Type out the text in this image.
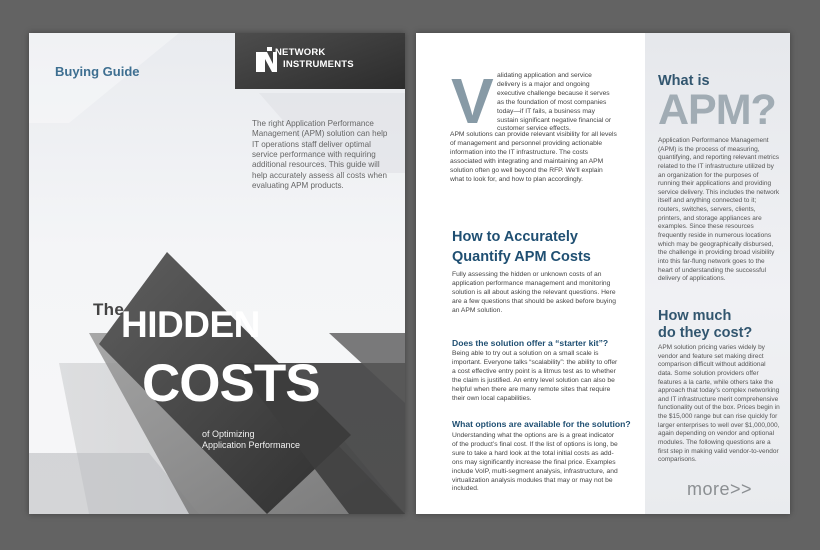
Buying Guide
NETWORK
INSTRUMENTS

The right Application Performance Management (APM) solution can help IT operations staff deliver optimal service performance with requiring additional resources. This guide will help accurately assess all costs when evaluating APM products.

The
HIDDEN
COSTS
of Optimizing
Application Performance
V alidating application and service delivery is a major and ongoing executive challenge because it serves as the foundation of most companies today—if IT fails, a business may sustain significant negative financial or customer service effects.

APM solutions can provide relevant visibility for all levels of management and personnel providing actionable information into the IT infrastructure. The costs associated with integrating and maintaining an APM solution often go well beyond the RFP. We'll explain what to look for, and how to plan accordingly.

How to Accurately
Quantify APM Costs

Fully assessing the hidden or unknown costs of an application performance management and monitoring solution is all about asking the relevant questions. Here are a few questions that should be asked before buying an APM solution.

Does the solution offer a “starter kit”?

Being able to try out a solution on a small scale is important. Everyone talks “scalability”: the ability to offer a cost effective entry point is a litmus test as to whether the claim is justified. An entry level solution can also be helpful when there are many remote sites that require their own local capabilities.

What options are available for the solution?

Understanding what the options are is a great indicator of the product’s final cost. If the list of options is long, be sure to take a hard look at the total initial costs as add-ons may significantly increase the final price. Examples include VoIP, multi-segment analysis, infrastructure, and virtualization analysis modules that may or may not be included.

What is
APM?

Application Performance Management (APM) is the process of measuring, quantifying, and reporting relevant metrics related to the IT infrastructure utilized by an organization for the purposes of running their applications and providing service delivery. This includes the network itself and anything connected to it; routers, switches, servers, clients, printers, and storage appliances are examples. Since these resources frequently reside in numerous locations which may be geographically disbursed, the challenge in providing broad visibility into this far-flung network goes to the heart of understanding the successful delivery of applications.

How much
do they cost?

APM solution pricing varies widely by vendor and feature set making direct comparison difficult without additional data. Some solution providers offer features a la carte, while others take the approach that today’s complex networking and IT infrastructure merit comprehensive functionality out of the box. Prices begin in the $15,000 range but can rise quickly for larger enterprises to well over $1,000,000, again depending on vendor and optional modules. The following questions are a first step in making valid vendor-to-vendor comparisons.

more>>
